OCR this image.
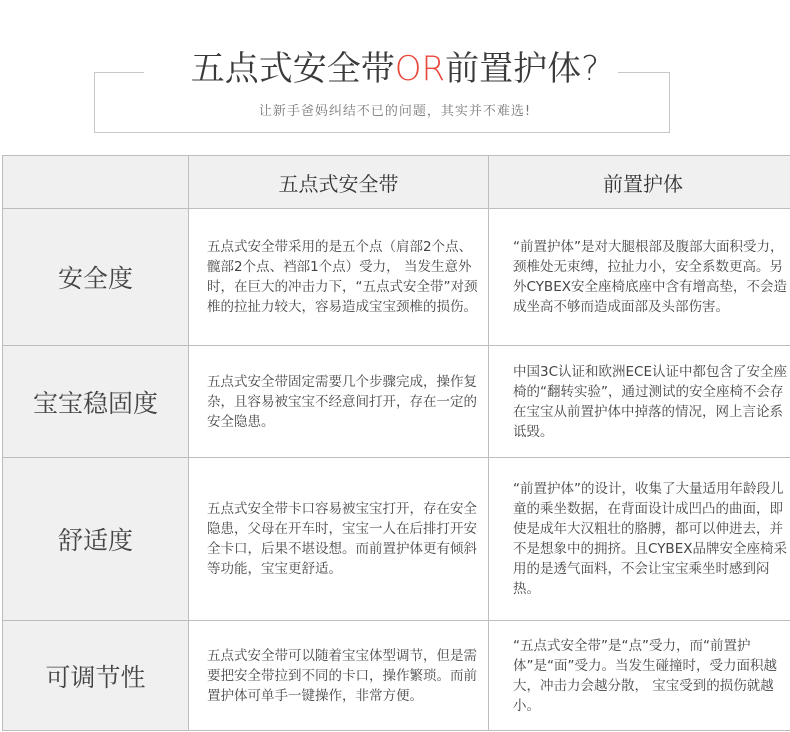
五点式安全带OR前置护体?
让新手爸妈纠结不已的问题，其实并不难选!
	五点式安全带	前置护体
安全度	五点式安全带采用的是五个点（肩部2个点、髋部2个点、裆部1个点）受力， 当发生意外时，在巨大的冲击力下，“五点式安全带”对颈椎的拉扯力较大，容易造成宝宝颈椎的损伤。	“前置护体”是对大腿根部及腹部大面积受力，颈椎处无束缚，拉扯力小，安全系数更高。另外CYBEX安全座椅底座中含有增高垫，不会造成坐高不够而造成面部及头部伤害。
宝宝稳固度	五点式安全带固定需要几个步骤完成，操作复杂，且容易被宝宝不经意间打开，存在一定的安全隐患。	中国3C认证和欧洲ECE认证中都包含了安全座椅的“翻转实验”，通过测试的安全座椅不会存在宝宝从前置护体中掉落的情况，网上言论系诋毁。
舒适度	五点式安全带卡口容易被宝宝打开，存在安全隐患，父母在开车时，宝宝一人在后排打开安全卡口，后果不堪设想。而前置护体更有倾斜等功能，宝宝更舒适。	“前置护体”的设计，收集了大量适用年龄段儿童的乘坐数据，在背面设计成凹凸的曲面，即使是成年大汉粗壮的胳膊，都可以伸进去，并不是想象中的拥挤。且CYBEX品牌安全座椅采用的是透气面料，不会让宝宝乘坐时感到闷热。
可调节性	五点式安全带可以随着宝宝体型调节，但是需要把安全带拉到不同的卡口，操作繁琐。而前置护体可单手一键操作，非常方便。	“五点式安全带”是“点”受力，而“前置护体”是“面”受力。当发生碰撞时，受力面积越大，冲击力会越分散， 宝宝受到的损伤就越小。
